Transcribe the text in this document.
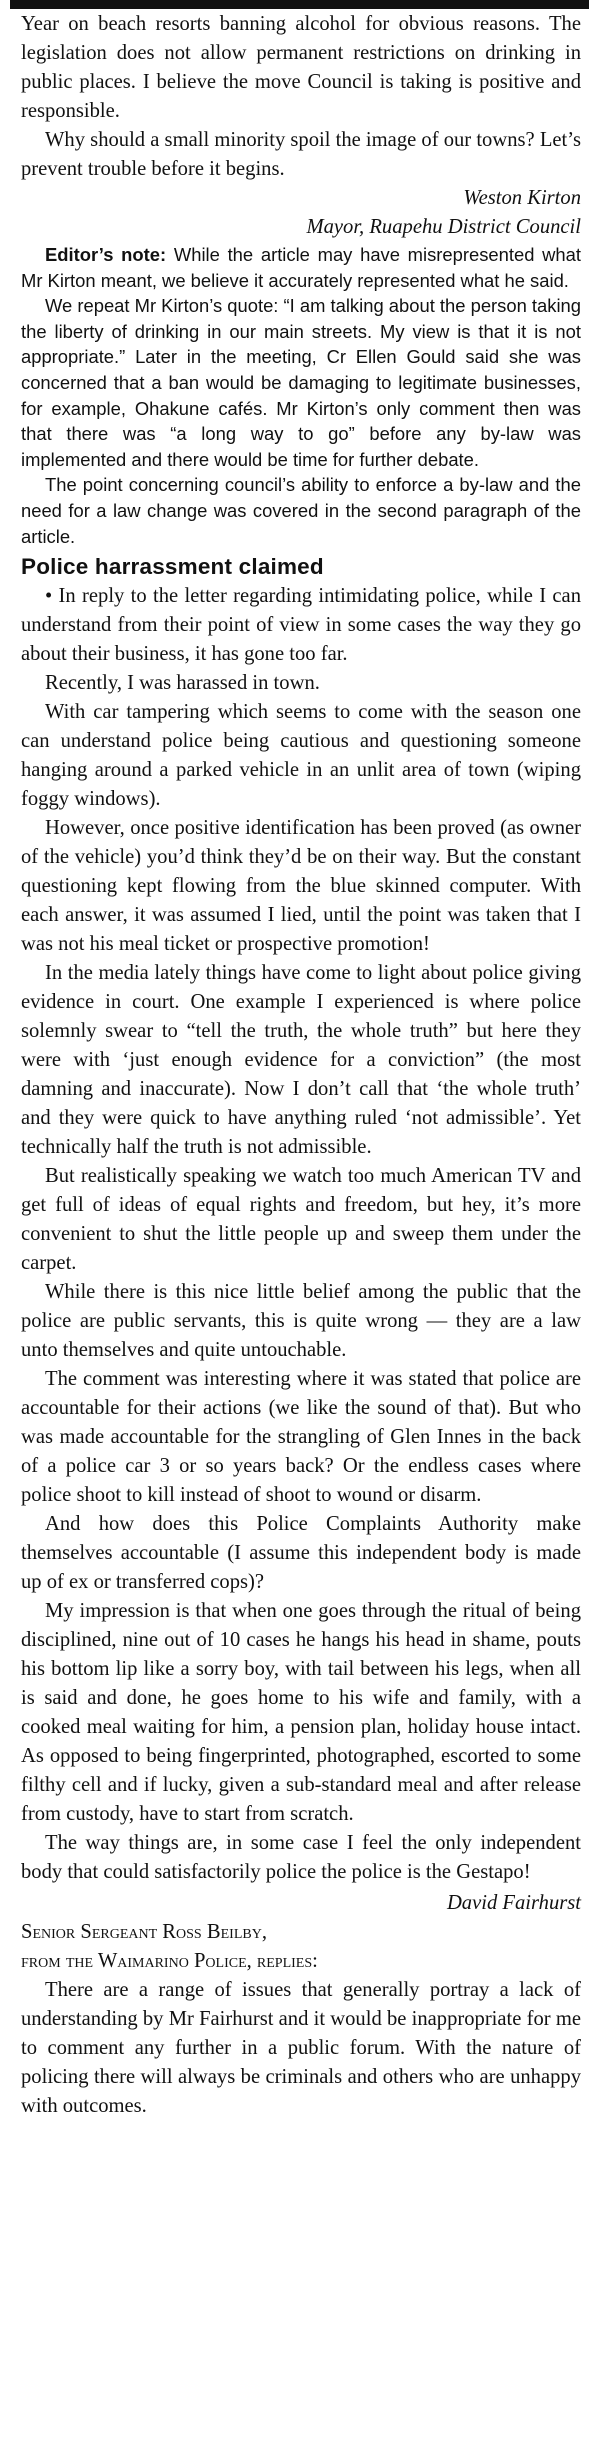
Year on beach resorts banning alcohol for obvious reasons. The legislation does not allow permanent restrictions on drinking in public places. I believe the move Council is taking is positive and responsible.

Why should a small minority spoil the image of our towns? Let’s prevent trouble before it begins.

Weston Kirton
Mayor, Ruapehu District Council

Editor’s note: While the article may have misrepresented what Mr Kirton meant, we believe it accurately represented what he said.

We repeat Mr Kirton’s quote: “I am talking about the person taking the liberty of drinking in our main streets. My view is that it is not appropriate.” Later in the meeting, Cr Ellen Gould said she was concerned that a ban would be damaging to legitimate businesses, for example, Ohakune cafés. Mr Kirton’s only comment then was that there was “a long way to go” before any by-law was implemented and there would be time for further debate.

The point concerning council’s ability to enforce a by-law and the need for a law change was covered in the second paragraph of the article.

Police harrassment claimed

• In reply to the letter regarding intimidating police, while I can understand from their point of view in some cases the way they go about their business, it has gone too far.

Recently, I was harassed in town.

With car tampering which seems to come with the season one can understand police being cautious and questioning someone hanging around a parked vehicle in an unlit area of town (wiping foggy windows).

However, once positive identification has been proved (as owner of the vehicle) you’d think they’d be on their way. But the constant questioning kept flowing from the blue skinned computer. With each answer, it was assumed I lied, until the point was taken that I was not his meal ticket or prospective promotion!

In the media lately things have come to light about police giving evidence in court. One example I experienced is where police solemnly swear to “tell the truth, the whole truth” but here they were with ‘just enough evidence for a conviction” (the most damning and inaccurate). Now I don’t call that ‘the whole truth’ and they were quick to have anything ruled ‘not admissible’. Yet technically half the truth is not admissible.

But realistically speaking we watch too much American TV and get full of ideas of equal rights and freedom, but hey, it’s more convenient to shut the little people up and sweep them under the carpet.

While there is this nice little belief among the public that the police are public servants, this is quite wrong — they are a law unto themselves and quite untouchable.

The comment was interesting where it was stated that police are accountable for their actions (we like the sound of that). But who was made accountable for the strangling of Glen Innes in the back of a police car 3 or so years back? Or the endless cases where police shoot to kill instead of shoot to wound or disarm.

And how does this Police Complaints Authority make themselves accountable (I assume this independent body is made up of ex or transferred cops)?

My impression is that when one goes through the ritual of being disciplined, nine out of 10 cases he hangs his head in shame, pouts his bottom lip like a sorry boy, with tail between his legs, when all is said and done, he goes home to his wife and family, with a cooked meal waiting for him, a pension plan, holiday house intact. As opposed to being fingerprinted, photographed, escorted to some filthy cell and if lucky, given a sub-standard meal and after release from custody, have to start from scratch.

The way things are, in some case I feel the only independent body that could satisfactorily police the police is the Gestapo!

David Fairhurst

Senior Sergeant Ross Beilby,

from the Waimarino Police, replies:

There are a range of issues that generally portray a lack of understanding by Mr Fairhurst and it would be inappropriate for me to comment any further in a public forum. With the nature of policing there will always be criminals and others who are unhappy with outcomes.
